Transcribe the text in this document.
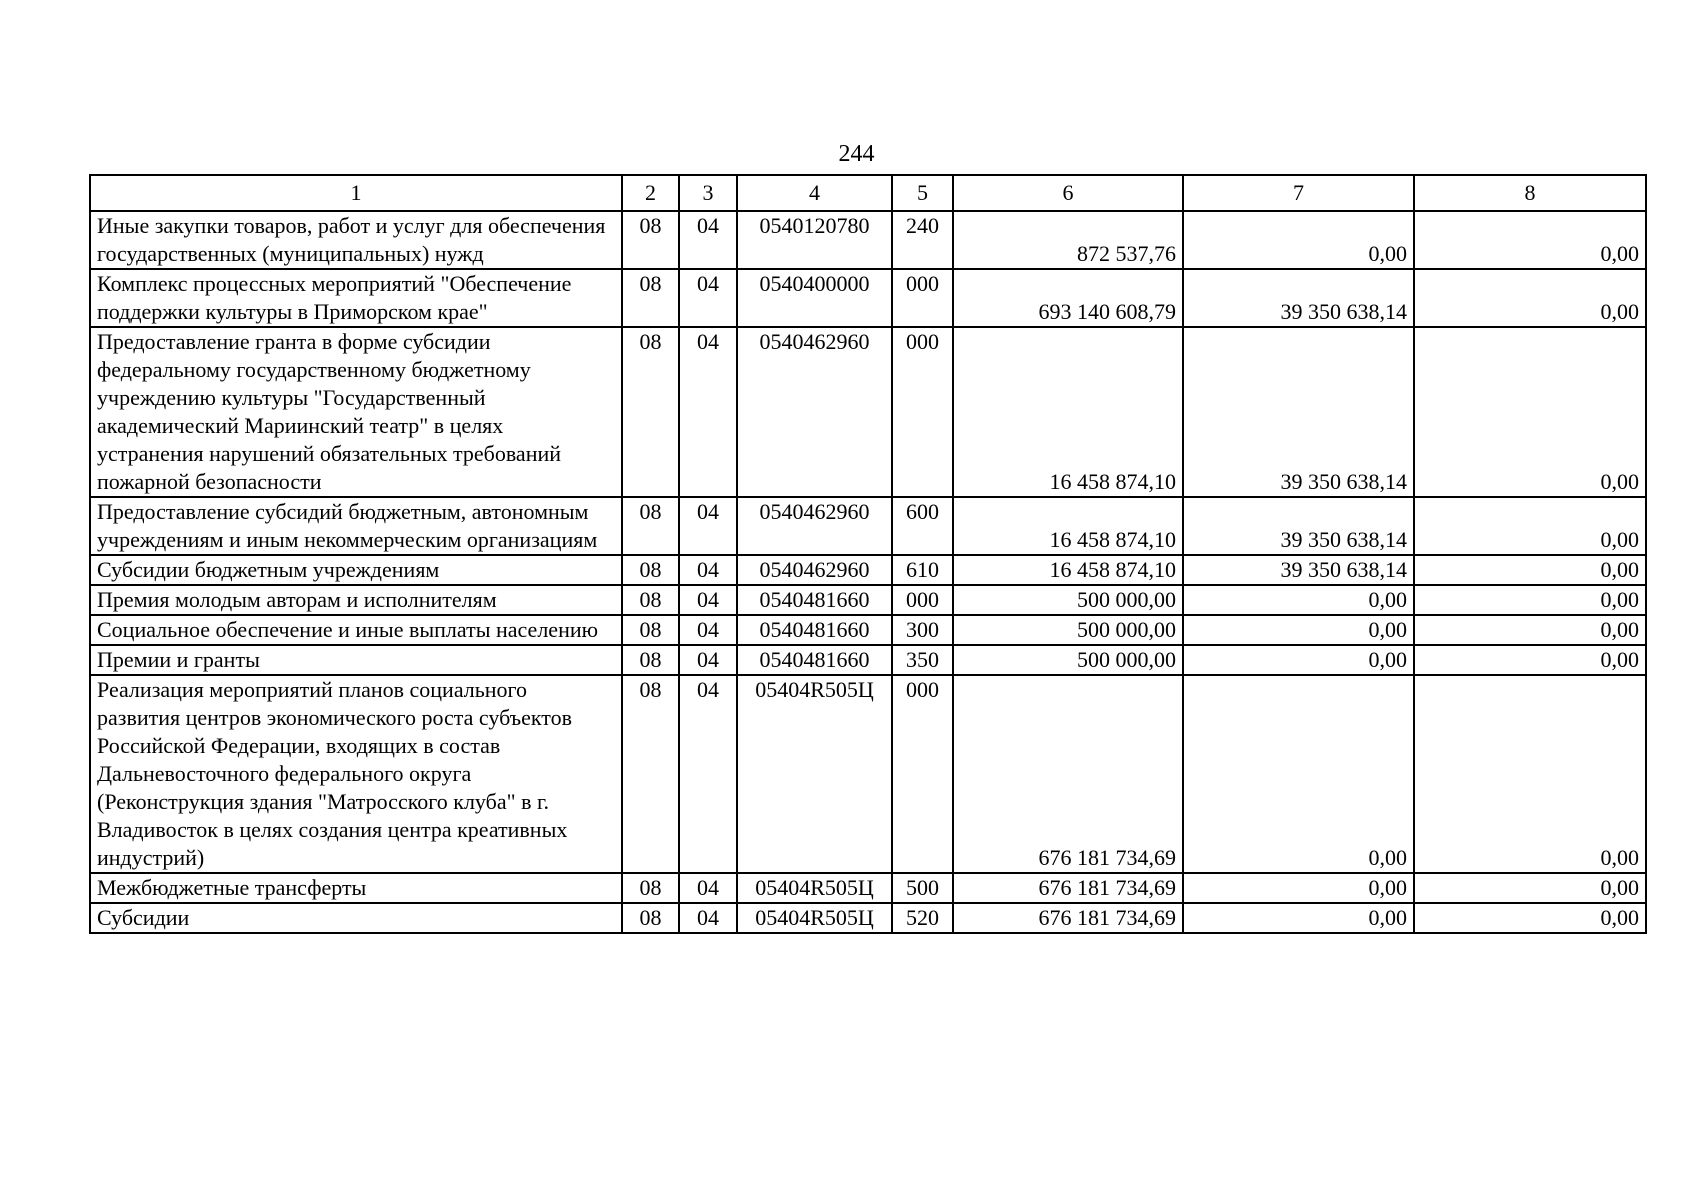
244
1	2	3	4	5	6	7	8
Иные закупки товаров, работ и услуг для обеспечения государственных (муниципальных) нужд	08	04	0540120780	240	872 537,76	0,00	0,00
Комплекс процессных мероприятий "Обеспечение поддержки культуры в Приморском крае"	08	04	0540400000	000	693 140 608,79	39 350 638,14	0,00
Предоставление гранта в форме субсидии федеральному государственному бюджетному учреждению культуры "Государственный академический Мариинский театр" в целях устранения нарушений обязательных требований пожарной безопасности	08	04	0540462960	000	16 458 874,10	39 350 638,14	0,00
Предоставление субсидий бюджетным, автономным учреждениям и иным некоммерческим организациям	08	04	0540462960	600	16 458 874,10	39 350 638,14	0,00
Субсидии бюджетным учреждениям	08	04	0540462960	610	16 458 874,10	39 350 638,14	0,00
Премия молодым авторам и исполнителям	08	04	0540481660	000	500 000,00	0,00	0,00
Социальное обеспечение и иные выплаты населению	08	04	0540481660	300	500 000,00	0,00	0,00
Премии и гранты	08	04	0540481660	350	500 000,00	0,00	0,00
Реализация мероприятий планов социального развития центров экономического роста субъектов Российской Федерации, входящих в состав Дальневосточного федерального округа (Реконструкция здания "Матросского клуба" в г. Владивосток в целях создания центра креативных индустрий)	08	04	05404R505Ц	000	676 181 734,69	0,00	0,00
Межбюджетные трансферты	08	04	05404R505Ц	500	676 181 734,69	0,00	0,00
Субсидии	08	04	05404R505Ц	520	676 181 734,69	0,00	0,00
